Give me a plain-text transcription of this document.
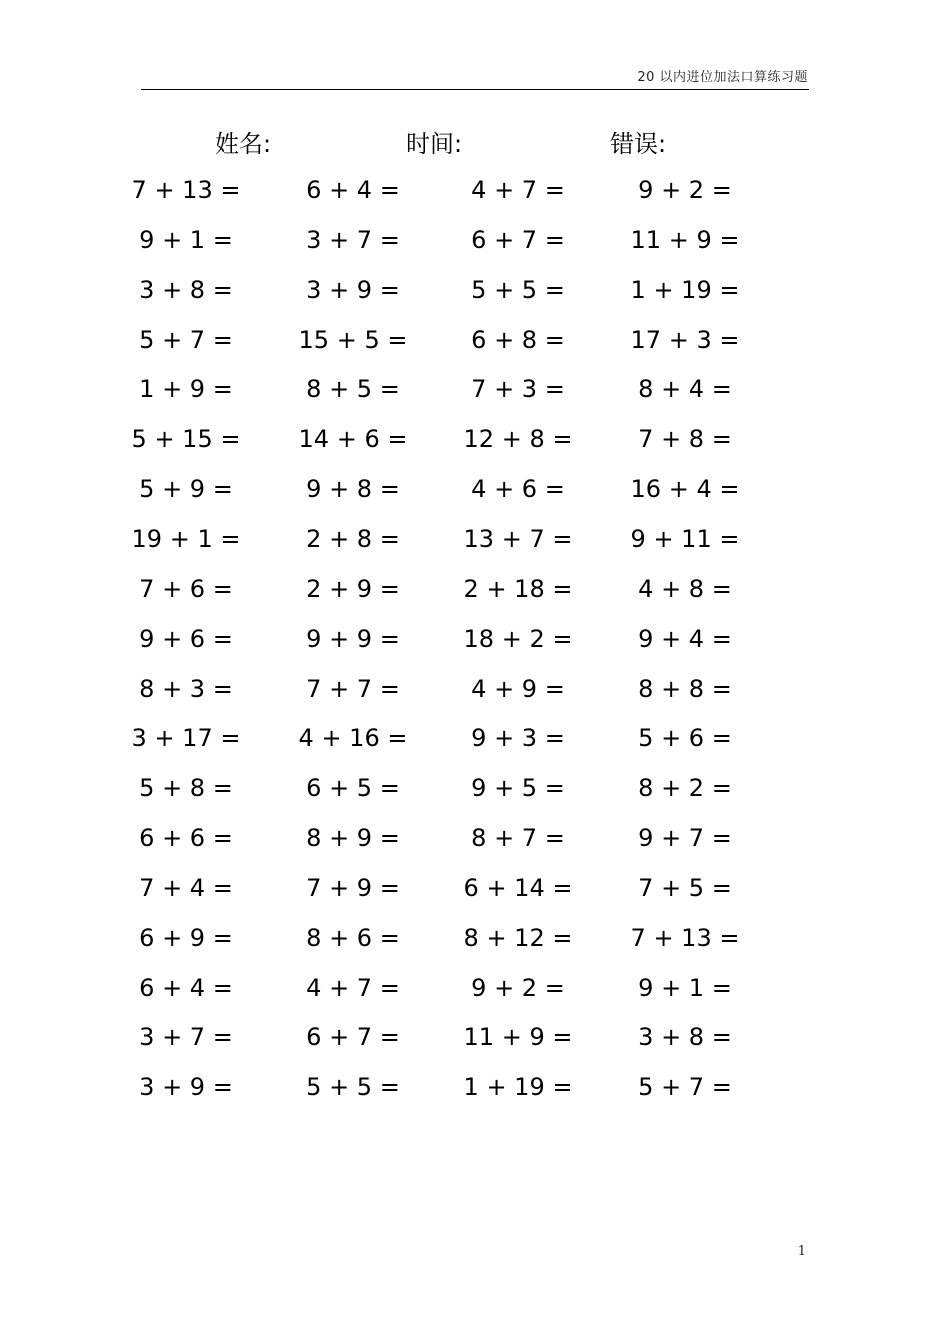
20 以内进位加法口算练习题
姓名:	时间:	错误:
7 + 13 =	6 + 4 =	4 + 7 =	9 + 2 =
9 + 1 =	3 + 7 =	6 + 7 =	11 + 9 =
3 + 8 =	3 + 9 =	5 + 5 =	1 + 19 =
5 + 7 =	15 + 5 =	6 + 8 =	17 + 3 =
1 + 9 =	8 + 5 =	7 + 3 =	8 + 4 =
5 + 15 = 14 + 6 = 12 + 8 =	7 + 8 =
5 + 9 =	9 + 8 =	4 + 6 =	16 + 4 =
19 + 1 =	2 + 8 =	13 + 7 = 9 + 11 =
7 + 6 =	2 + 9 =	2 + 18 =	4 + 8 =
9 + 6 =	9 + 9 =	18 + 2 =	9 + 4 =
8 + 3 =	7 + 7 =	4 + 9 =	8 + 8 =
3 + 17 = 4 + 16 =	9 + 3 =	5 + 6 =
5 + 8 =	6 + 5 =	9 + 5 =	8 + 2 =
6 + 6 =	8 + 9 =	8 + 7 =	9 + 7 =
7 + 4 =	7 + 9 =	6 + 14 =	7 + 5 =
6 + 9 =	8 + 6 =	8 + 12 = 7 + 13 =
6 + 4 =	4 + 7 =	9 + 2 =	9 + 1 =
3 + 7 =	6 + 7 =	11 + 9 =	3 + 8 =
3 + 9 =	5 + 5 =	1 + 19 =	5 + 7 =
1
